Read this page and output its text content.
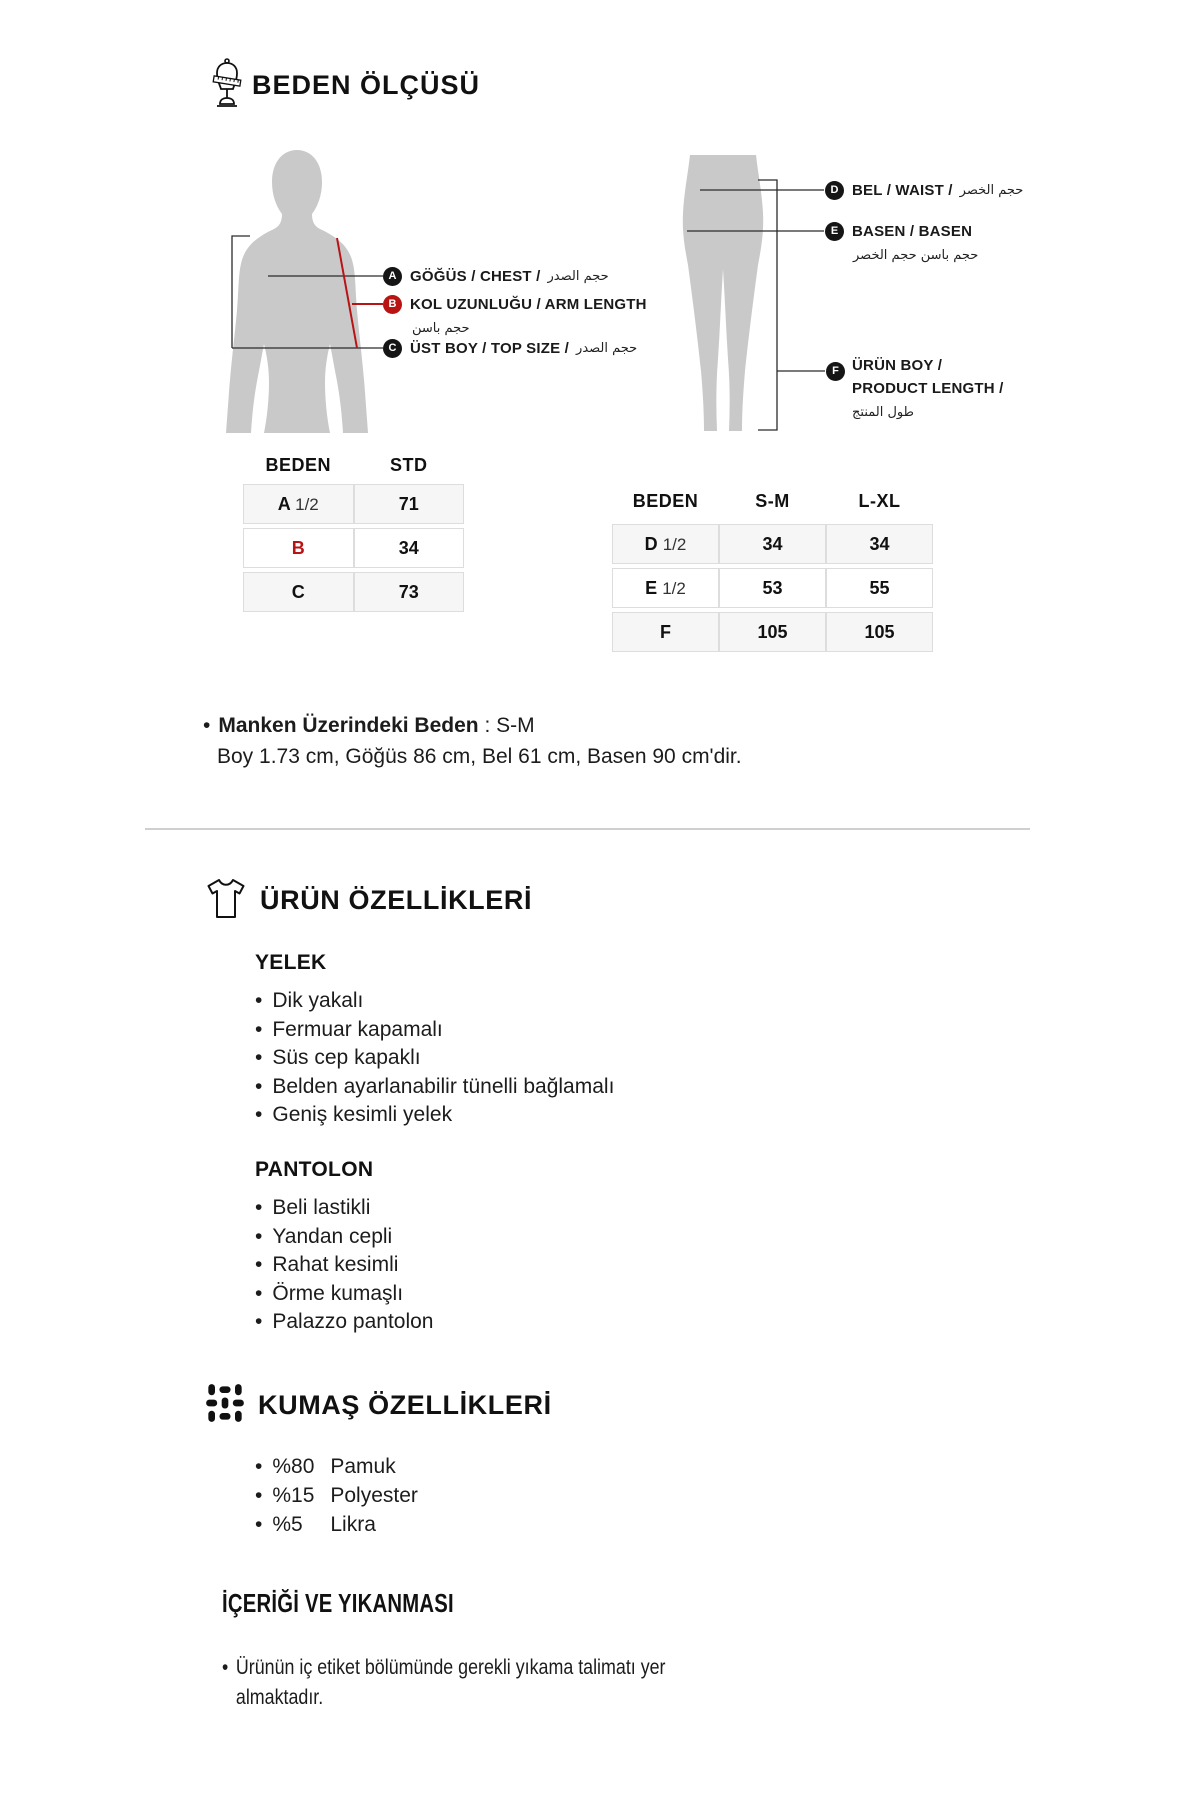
BEDEN ÖLÇÜSÜ
A GÖĞÜS / CHEST / حجم الصدر
B KOL UZUNLUĞU / ARM LENGTH
حجم باسن
C ÜST BOY / TOP SIZE / حجم الصدر
D BEL / WAIST / حجم الخصر
E BASEN / BASEN
حجم باسن حجم الخصر
F ÜRÜN BOY /
PRODUCT LENGTH /
طول المنتج
BEDEN	STD
A 1/2	71
B	34
C	73
BEDEN	S-M	L-XL
D 1/2	34	34
E 1/2	53	55
F	105	105
• Manken Üzerindeki Beden : S-M
Boy 1.73 cm, Göğüs 86 cm, Bel 61 cm, Basen 90 cm'dir.
ÜRÜN ÖZELLİKLERİ
YELEK
• Dik yakalı
• Fermuar kapamalı
• Süs cep kapaklı
• Belden ayarlanabilir tünelli bağlamalı
• Geniş kesimli yelek
PANTOLON
• Beli lastikli
• Yandan cepli
• Rahat kesimli
• Örme kumaşlı
• Palazzo pantolon
KUMAŞ ÖZELLİKLERİ
• %80 Pamuk
• %15 Polyester
• %5 Likra
İÇERİĞİ VE YIKANMASI
• Ürünün iç etiket bölümünde gerekli yıkama talimatı yer almaktadır.
